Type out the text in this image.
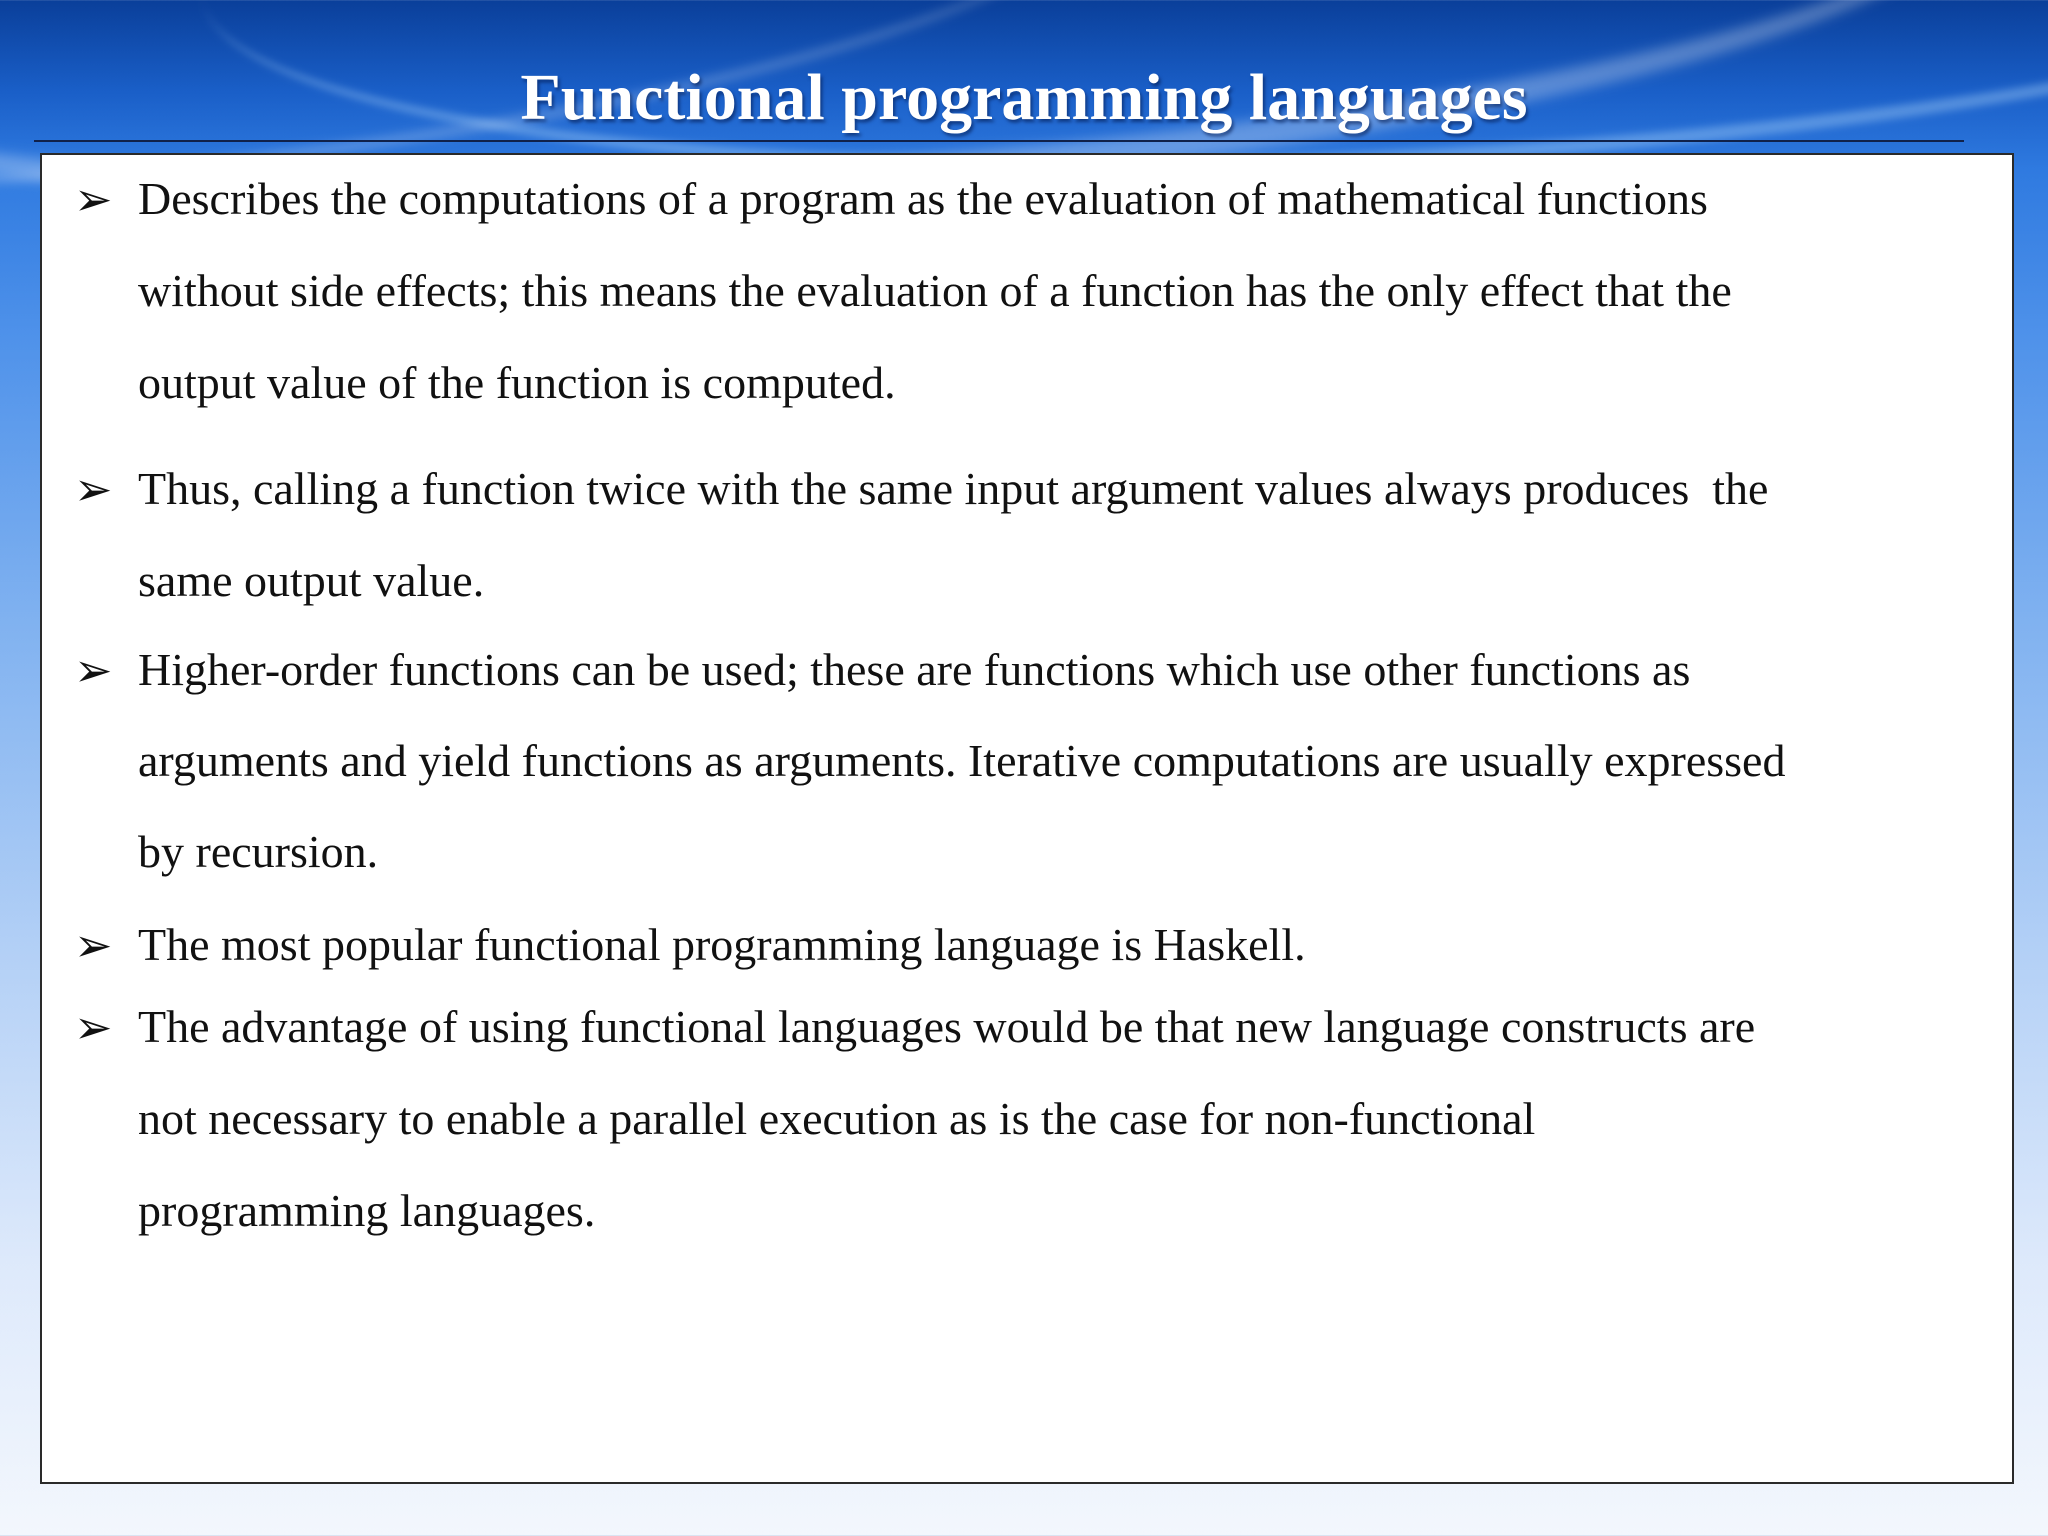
Functional programming languages
➢ Describes the computations of a program as the evaluation of mathematical functions
without side effects; this means the evaluation of a function has the only effect that the
output value of the function is computed.
➢ Thus, calling a function twice with the same input argument values always produces  the
same output value.
➢ Higher-order functions can be used; these are functions which use other functions as
arguments and yield functions as arguments. Iterative computations are usually expressed
by recursion.
➢ The most popular functional programming language is Haskell.
➢ The advantage of using functional languages would be that new language constructs are
not necessary to enable a parallel execution as is the case for non-functional
programming languages.
